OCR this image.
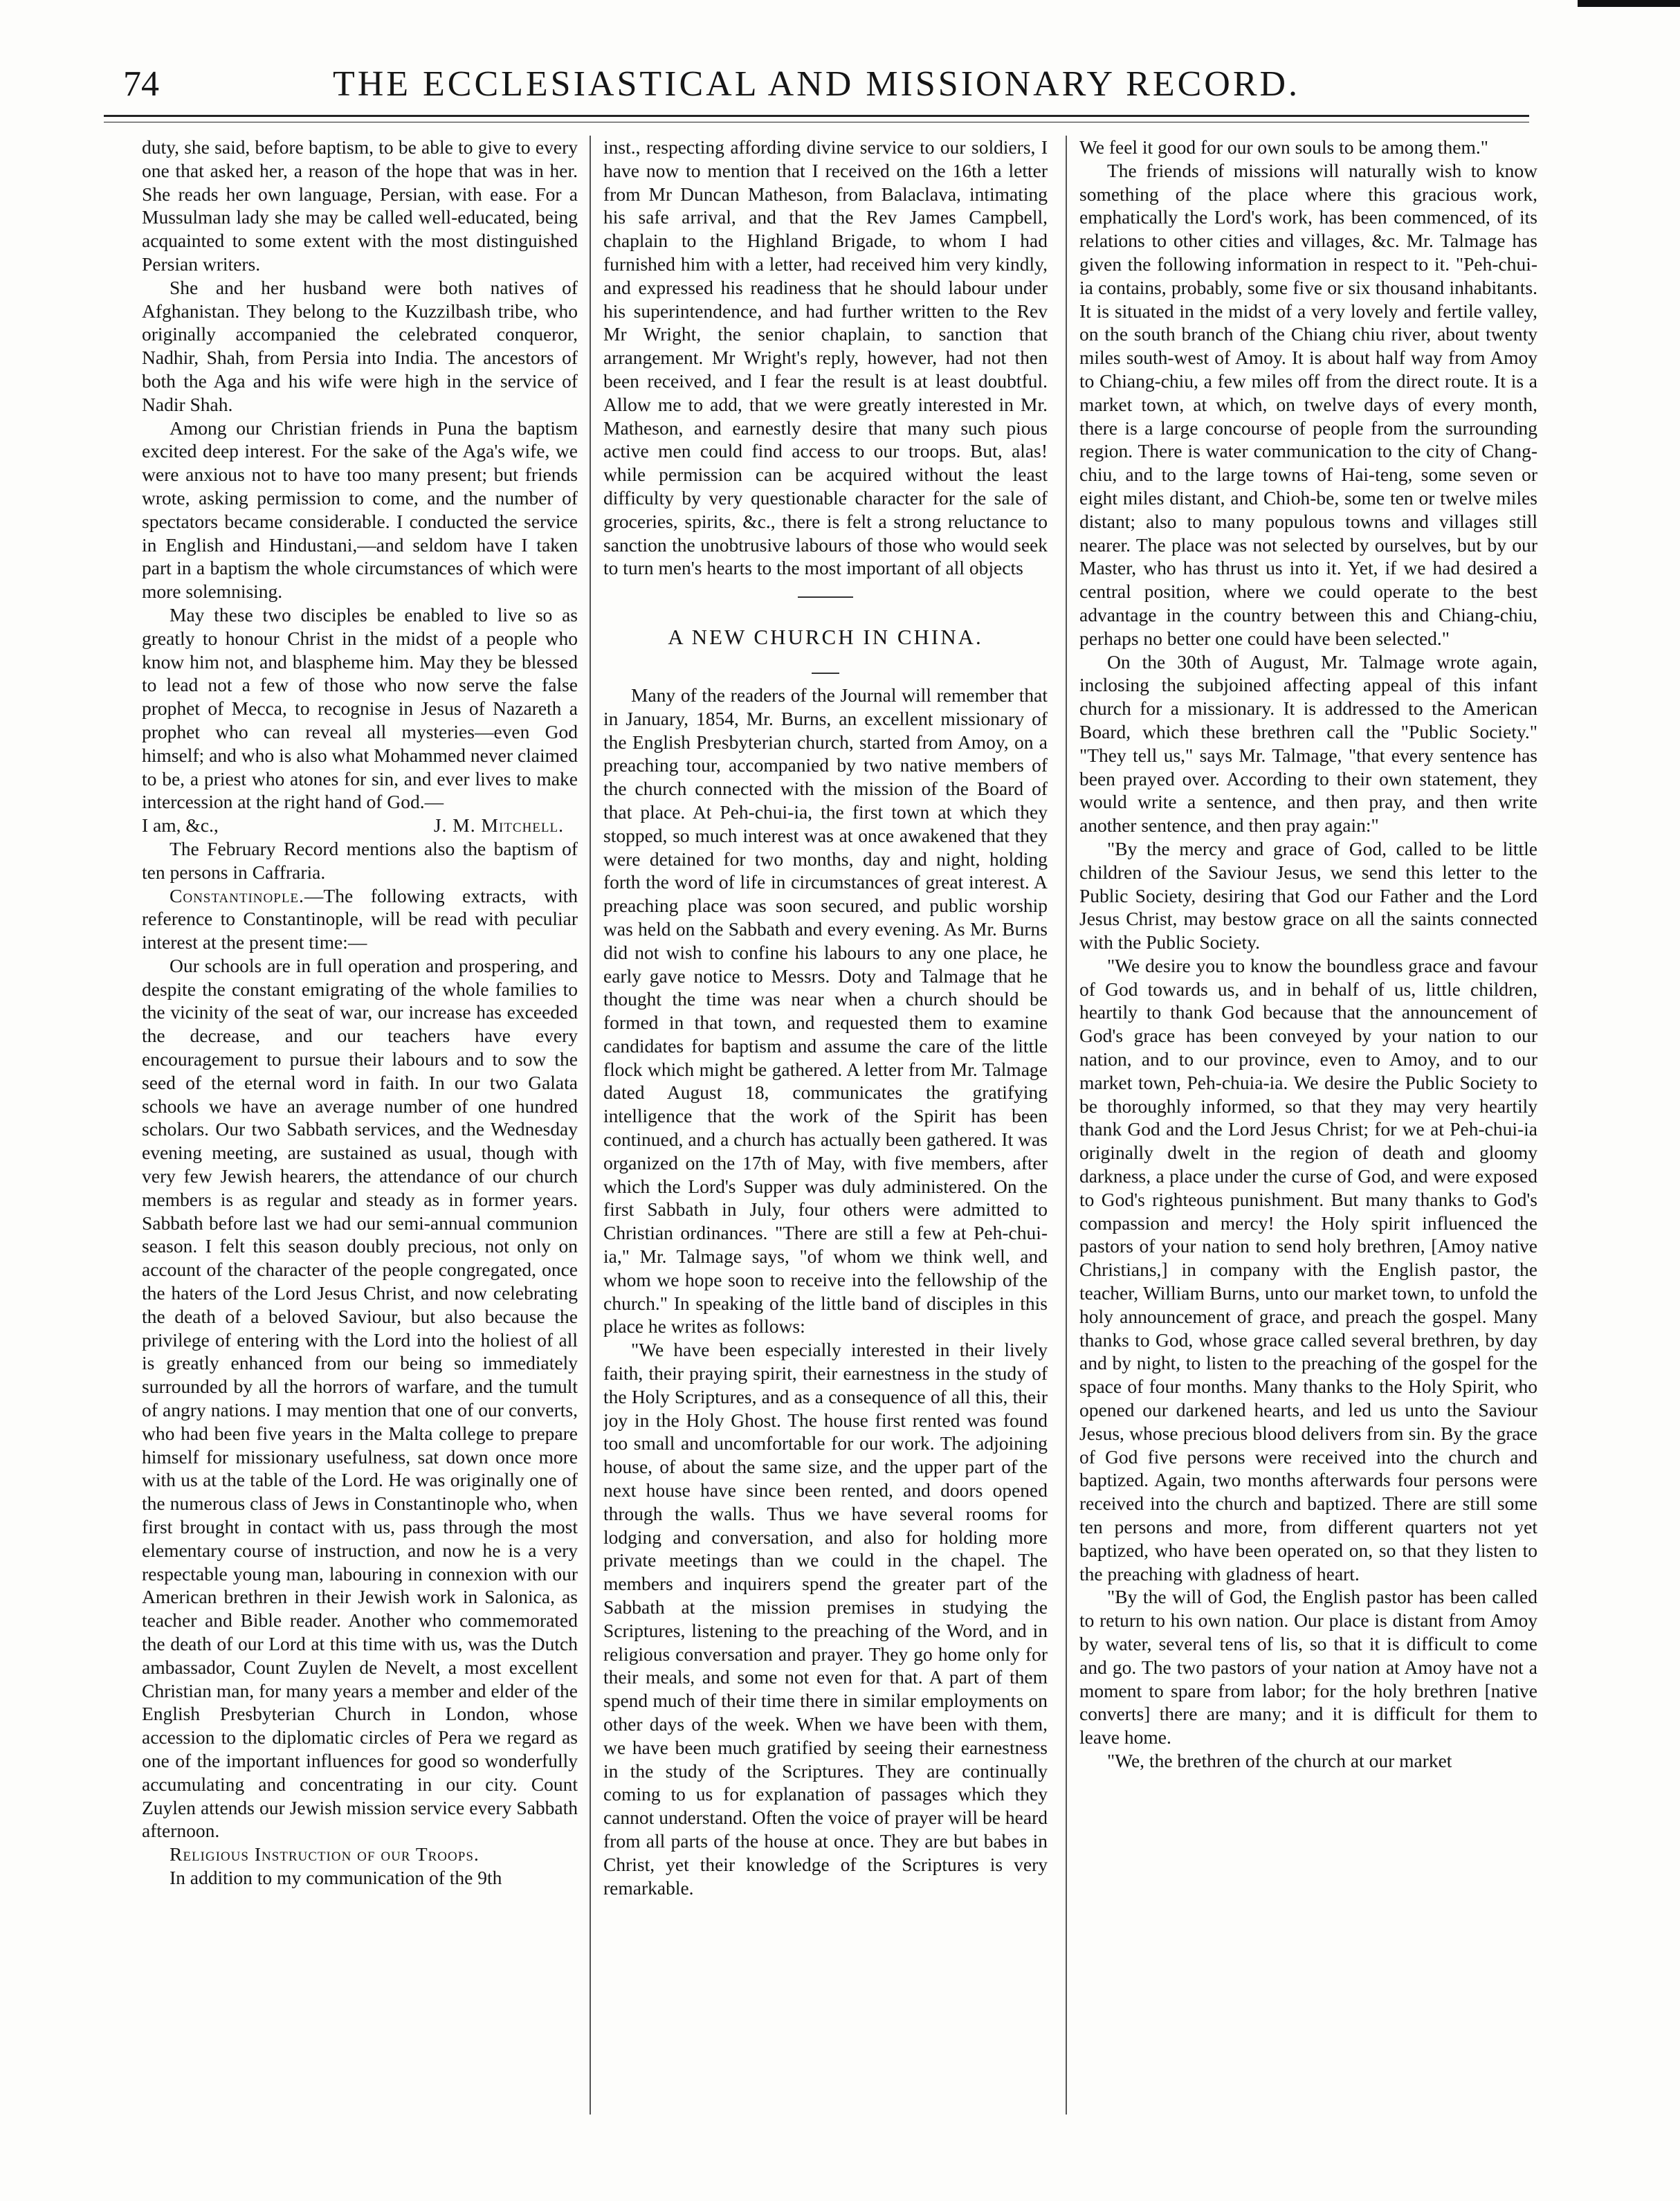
74	THE ECCLESIASTICAL AND MISSIONARY RECORD.

duty, she said, before baptism, to be able to give to every one that asked her, a reason of the hope that was in her. She reads her own language, Persian, with ease. For a Mussulman lady she may be called well-educated, being acquainted to some extent with the most distinguished Persian writers.

She and her husband were both natives of Afghanistan. They belong to the Kuzzilbash tribe, who originally accompanied the celebrated conqueror, Nadhir, Shah, from Persia into India. The ancestors of both the Aga and his wife were high in the service of Nadir Shah.

Among our Christian friends in Puna the baptism excited deep interest. For the sake of the Aga's wife, we were anxious not to have too many present; but friends wrote, asking permission to come, and the number of spectators became considerable. I conducted the service in English and Hindustani,—and seldom have I taken part in a baptism the whole circumstances of which were more solemnising.

May these two disciples be enabled to live so as greatly to honour Christ in the midst of a people who know him not, and blaspheme him. May they be blessed to lead not a few of those who now serve the false prophet of Mecca, to recognise in Jesus of Nazareth a prophet who can reveal all mysteries—even God himself; and who is also what Mohammed never claimed to be, a priest who atones for sin, and ever lives to make intercession at the right hand of God.—

I am, &c.,	J. M. Mitchell.

The February Record mentions also the baptism of ten persons in Caffraria.

Constantinople.—The following extracts, with reference to Constantinople, will be read with peculiar interest at the present time:—

Our schools are in full operation and prospering, and despite the constant emigrating of the whole families to the vicinity of the seat of war, our increase has exceeded the decrease, and our teachers have every encouragement to pursue their labours and to sow the seed of the eternal word in faith. In our two Galata schools we have an average number of one hundred scholars. Our two Sabbath services, and the Wednesday evening meeting, are sustained as usual, though with very few Jewish hearers, the attendance of our church members is as regular and steady as in former years. Sabbath before last we had our semi-annual communion season. I felt this season doubly precious, not only on account of the character of the people congregated, once the haters of the Lord Jesus Christ, and now celebrating the death of a beloved Saviour, but also because the privilege of entering with the Lord into the holiest of all is greatly enhanced from our being so immediately surrounded by all the horrors of warfare, and the tumult of angry nations. I may mention that one of our converts, who had been five years in the Malta college to prepare himself for missionary usefulness, sat down once more with us at the table of the Lord. He was originally one of the numerous class of Jews in Constantinople who, when first brought in contact with us, pass through the most elementary course of instruction, and now he is a very respectable young man, labouring in connexion with our American brethren in their Jewish work in Salonica, as teacher and Bible reader. Another who commemorated the death of our Lord at this time with us, was the Dutch ambassador, Count Zuylen de Nevelt, a most excellent Christian man, for many years a member and elder of the English Presbyterian Church in London, whose accession to the diplomatic circles of Pera we regard as one of the important influences for good so wonderfully accumulating and concentrating in our city. Count Zuylen attends our Jewish mission service every Sabbath afternoon.

Religious Instruction of our Troops.

In addition to my communication of the 9th

inst., respecting affording divine service to our soldiers, I have now to mention that I received on the 16th a letter from Mr Duncan Matheson, from Balaclava, intimating his safe arrival, and that the Rev James Campbell, chaplain to the Highland Brigade, to whom I had furnished him with a letter, had received him very kindly, and expressed his readiness that he should labour under his superintendence, and had further written to the Rev Mr Wright, the senior chaplain, to sanction that arrangement. Mr Wright's reply, however, had not then been received, and I fear the result is at least doubtful. Allow me to add, that we were greatly interested in Mr. Matheson, and earnestly desire that many such pious active men could find access to our troops. But, alas! while permission can be acquired without the least difficulty by very questionable character for the sale of groceries, spirits, &c., there is felt a strong reluctance to sanction the unobtrusive labours of those who would seek to turn men's hearts to the most important of all objects

A NEW CHURCH IN CHINA.

Many of the readers of the Journal will remember that in January, 1854, Mr. Burns, an excellent missionary of the English Presbyterian church, started from Amoy, on a preaching tour, accompanied by two native members of the church connected with the mission of the Board of that place. At Peh-chui-ia, the first town at which they stopped, so much interest was at once awakened that they were detained for two months, day and night, holding forth the word of life in circumstances of great interest. A preaching place was soon secured, and public worship was held on the Sabbath and every evening. As Mr. Burns did not wish to confine his labours to any one place, he early gave notice to Messrs. Doty and Talmage that he thought the time was near when a church should be formed in that town, and requested them to examine candidates for baptism and assume the care of the little flock which might be gathered. A letter from Mr. Talmage dated August 18, communicates the gratifying intelligence that the work of the Spirit has been continued, and a church has actually been gathered. It was organized on the 17th of May, with five members, after which the Lord's Supper was duly administered. On the first Sabbath in July, four others were admitted to Christian ordinances. "There are still a few at Peh-chui-ia," Mr. Talmage says, "of whom we think well, and whom we hope soon to receive into the fellowship of the church." In speaking of the little band of disciples in this place he writes as follows:

"We have been especially interested in their lively faith, their praying spirit, their earnestness in the study of the Holy Scriptures, and as a consequence of all this, their joy in the Holy Ghost. The house first rented was found too small and uncomfortable for our work. The adjoining house, of about the same size, and the upper part of the next house have since been rented, and doors opened through the walls. Thus we have several rooms for lodging and conversation, and also for holding more private meetings than we could in the chapel. The members and inquirers spend the greater part of the Sabbath at the mission premises in studying the Scriptures, listening to the preaching of the Word, and in religious conversation and prayer. They go home only for their meals, and some not even for that. A part of them spend much of their time there in similar employments on other days of the week. When we have been with them, we have been much gratified by seeing their earnestness in the study of the Scriptures. They are continually coming to us for explanation of passages which they cannot understand. Often the voice of prayer will be heard from all parts of the house at once. They are but babes in Christ, yet their knowledge of the Scriptures is very remarkable.

We feel it good for our own souls to be among them."

The friends of missions will naturally wish to know something of the place where this gracious work, emphatically the Lord's work, has been commenced, of its relations to other cities and villages, &c. Mr. Talmage has given the following information in respect to it. "Peh-chui-ia contains, probably, some five or six thousand inhabitants. It is situated in the midst of a very lovely and fertile valley, on the south branch of the Chiang chiu river, about twenty miles south-west of Amoy. It is about half way from Amoy to Chiang-chiu, a few miles off from the direct route. It is a market town, at which, on twelve days of every month, there is a large concourse of people from the surrounding region. There is water communication to the city of Chang-chiu, and to the large towns of Hai-teng, some seven or eight miles distant, and Chioh-be, some ten or twelve miles distant; also to many populous towns and villages still nearer. The place was not selected by ourselves, but by our Master, who has thrust us into it. Yet, if we had desired a central position, where we could operate to the best advantage in the country between this and Chiang-chiu, perhaps no better one could have been selected."

On the 30th of August, Mr. Talmage wrote again, inclosing the subjoined affecting appeal of this infant church for a missionary. It is addressed to the American Board, which these brethren call the "Public Society." "They tell us," says Mr. Talmage, "that every sentence has been prayed over. According to their own statement, they would write a sentence, and then pray, and then write another sentence, and then pray again:"

"By the mercy and grace of God, called to be little children of the Saviour Jesus, we send this letter to the Public Society, desiring that God our Father and the Lord Jesus Christ, may bestow grace on all the saints connected with the Public Society.

"We desire you to know the boundless grace and favour of God towards us, and in behalf of us, little children, heartily to thank God because that the announcement of God's grace has been conveyed by your nation to our nation, and to our province, even to Amoy, and to our market town, Peh-chuia-ia. We desire the Public Society to be thoroughly informed, so that they may very heartily thank God and the Lord Jesus Christ; for we at Peh-chui-ia originally dwelt in the region of death and gloomy darkness, a place under the curse of God, and were exposed to God's righteous punishment. But many thanks to God's compassion and mercy! the Holy spirit influenced the pastors of your nation to send holy brethren, [Amoy native Christians,] in company with the English pastor, the teacher, William Burns, unto our market town, to unfold the holy announcement of grace, and preach the gospel. Many thanks to God, whose grace called several brethren, by day and by night, to listen to the preaching of the gospel for the space of four months. Many thanks to the Holy Spirit, who opened our darkened hearts, and led us unto the Saviour Jesus, whose precious blood delivers from sin. By the grace of God five persons were received into the church and baptized. Again, two months afterwards four persons were received into the church and baptized. There are still some ten persons and more, from different quarters not yet baptized, who have been operated on, so that they listen to the preaching with gladness of heart.

"By the will of God, the English pastor has been called to return to his own nation. Our place is distant from Amoy by water, several tens of lis, so that it is difficult to come and go. The two pastors of your nation at Amoy have not a moment to spare from labor; for the holy brethren [native converts] there are many; and it is difficult for them to leave home.

"We, the brethren of the church at our market
